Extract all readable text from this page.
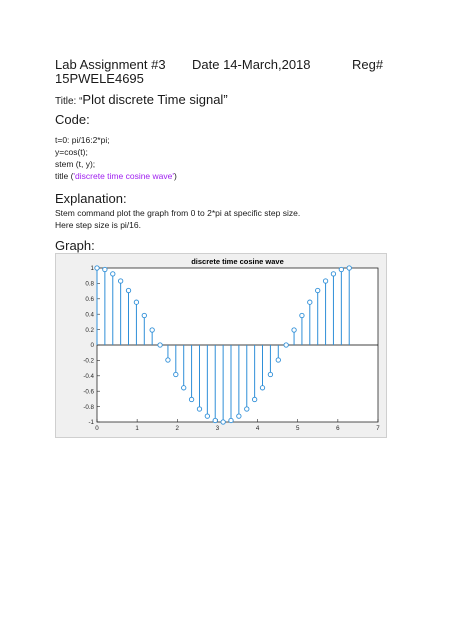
Lab Assignment #3 Date 14-March,2018	Reg#
15PWELE4695
Title: “Plot discrete Time signal”
Code:
t=0: pi/16:2*pi;
y=cos(t);
stem (t, y);
title ('discrete time cosine wave')
Explanation:
Stem command plot the graph from 0 to 2*pi at specific step size.
Here step size is pi/16.
Graph:
discrete time cosine wave
-1
-0.8
-0.6
-0.4
-0.2
0
0.2
0.4
0.6
0.8
1
0	1	2	3	4	5	6	7
